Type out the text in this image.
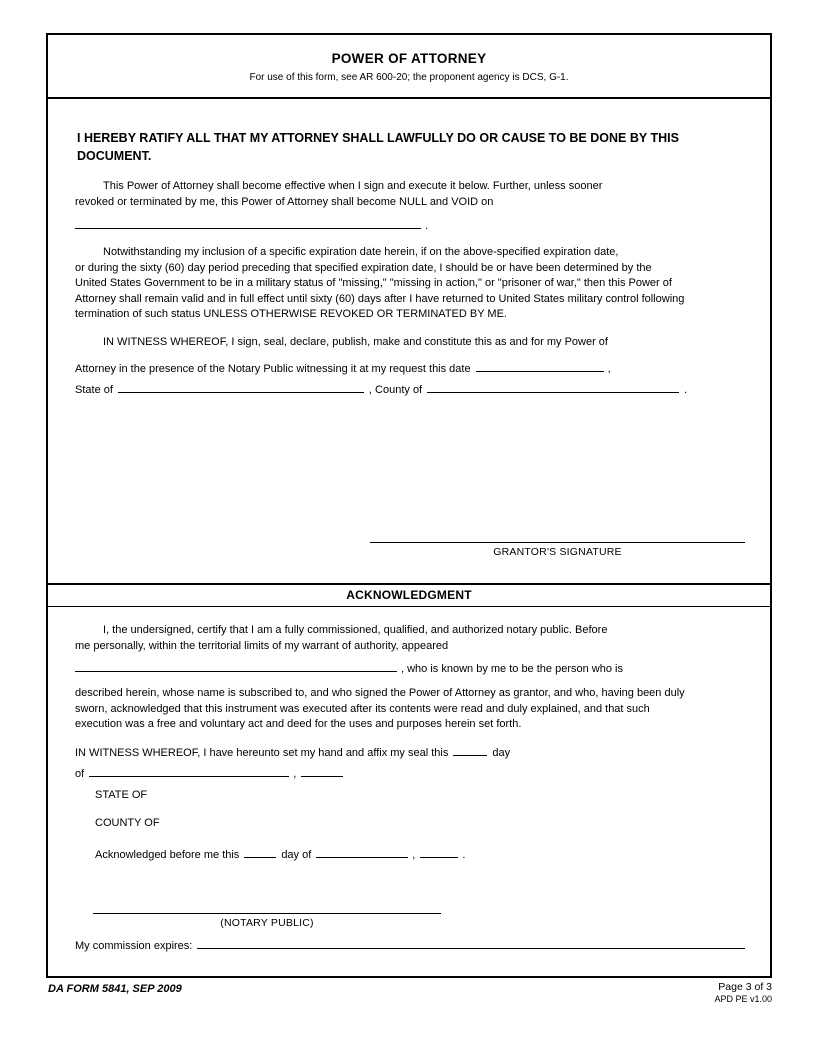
POWER OF ATTORNEY
For use of this form, see AR 600-20; the proponent agency is DCS, G-1.
I HEREBY RATIFY ALL THAT MY ATTORNEY SHALL LAWFULLY DO OR CAUSE TO BE DONE BY THIS DOCUMENT.
This Power of Attorney shall become effective when I sign and execute it below. Further, unless sooner
revoked or terminated by me, this Power of Attorney shall become NULL and VOID on
.
Notwithstanding my inclusion of a specific expiration date herein, if on the above-specified expiration date,
or during the sixty (60) day period preceding that specified expiration date, I should be or have been determined by the
United States Government to be in a military status of "missing," "missing in action," or "prisoner of war," then this Power of
Attorney shall remain valid and in full effect until sixty (60) days after I have returned to United States military control following
termination of such status UNLESS OTHERWISE REVOKED OR TERMINATED BY ME.
IN WITNESS WHEREOF, I sign, seal, declare, publish, make and constitute this as and for my Power of
Attorney in the presence of the Notary Public witnessing it at my request this date	,
State of	, County of	.
GRANTOR'S SIGNATURE
ACKNOWLEDGMENT
I, the undersigned, certify that I am a fully commissioned, qualified, and authorized notary public. Before
me personally, within the territorial limits of my warrant of authority, appeared
, who is known by me to be the person who is
described herein, whose name is subscribed to, and who signed the Power of Attorney as grantor, and who, having been duly
sworn, acknowledged that this instrument was executed after its contents were read and duly explained, and that such
execution was a free and voluntary act and deed for the uses and purposes herein set forth.
IN WITNESS WHEREOF, I have hereunto set my hand and affix my seal this	day
of	,
STATE OF
COUNTY OF
Acknowledged before me this	day of	,	.
(NOTARY PUBLIC)
My commission expires:
DA FORM 5841, SEP 2009	Page 3 of 3
APD PE v1.00
